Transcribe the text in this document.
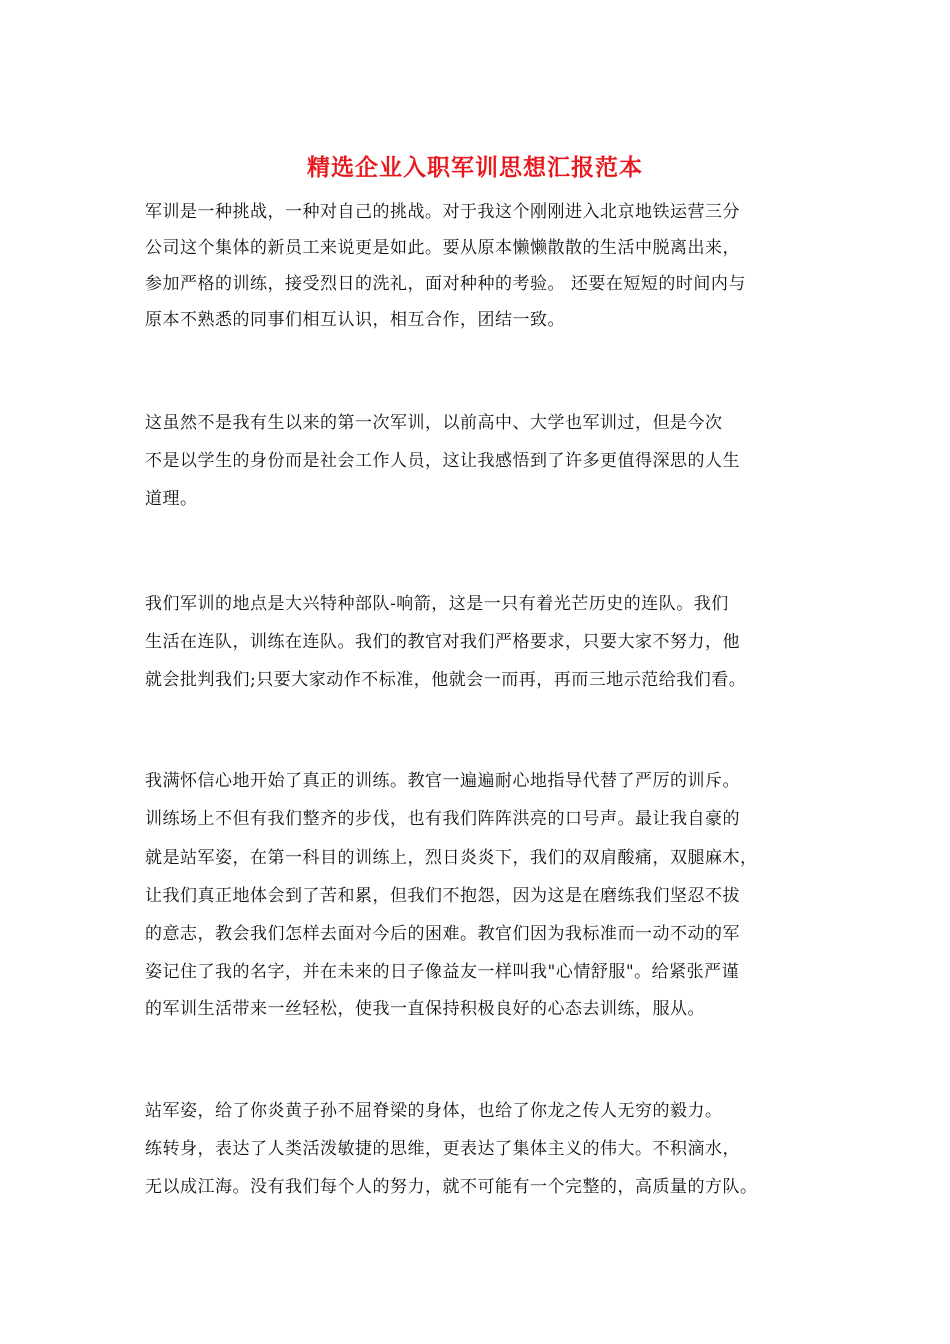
精选企业入职军训思想汇报范本
军训是一种挑战，一种对自己的挑战。对于我这个刚刚进入北京地铁运营三分
公司这个集体的新员工来说更是如此。要从原本懒懒散散的生活中脱离出来，
参加严格的训练，接受烈日的洗礼，面对种种的考验。 还要在短短的时间内与
原本不熟悉的同事们相互认识，相互合作，团结一致。
这虽然不是我有生以来的第一次军训，以前高中、大学也军训过，但是今次
不是以学生的身份而是社会工作人员，这让我感悟到了许多更值得深思的人生
道理。
我们军训的地点是大兴特种部队-响箭，这是一只有着光芒历史的连队。我们
生活在连队，训练在连队。我们的教官对我们严格要求，只要大家不努力，他
就会批判我们;只要大家动作不标准，他就会一而再，再而三地示范给我们看。
我满怀信心地开始了真正的训练。教官一遍遍耐心地指导代替了严厉的训斥。
训练场上不但有我们整齐的步伐，也有我们阵阵洪亮的口号声。最让我自豪的
就是站军姿，在第一科目的训练上，烈日炎炎下，我们的双肩酸痛，双腿麻木，
让我们真正地体会到了苦和累，但我们不抱怨，因为这是在磨练我们坚忍不拔
的意志，教会我们怎样去面对今后的困难。教官们因为我标准而一动不动的军
姿记住了我的名字，并在未来的日子像益友一样叫我"心情舒服"。给紧张严谨
的军训生活带来一丝轻松，使我一直保持积极良好的心态去训练，服从。
站军姿，给了你炎黄子孙不屈脊梁的身体，也给了你龙之传人无穷的毅力。
练转身，表达了人类活泼敏捷的思维，更表达了集体主义的伟大。不积滴水，
无以成江海。没有我们每个人的努力，就不可能有一个完整的，高质量的方队。
